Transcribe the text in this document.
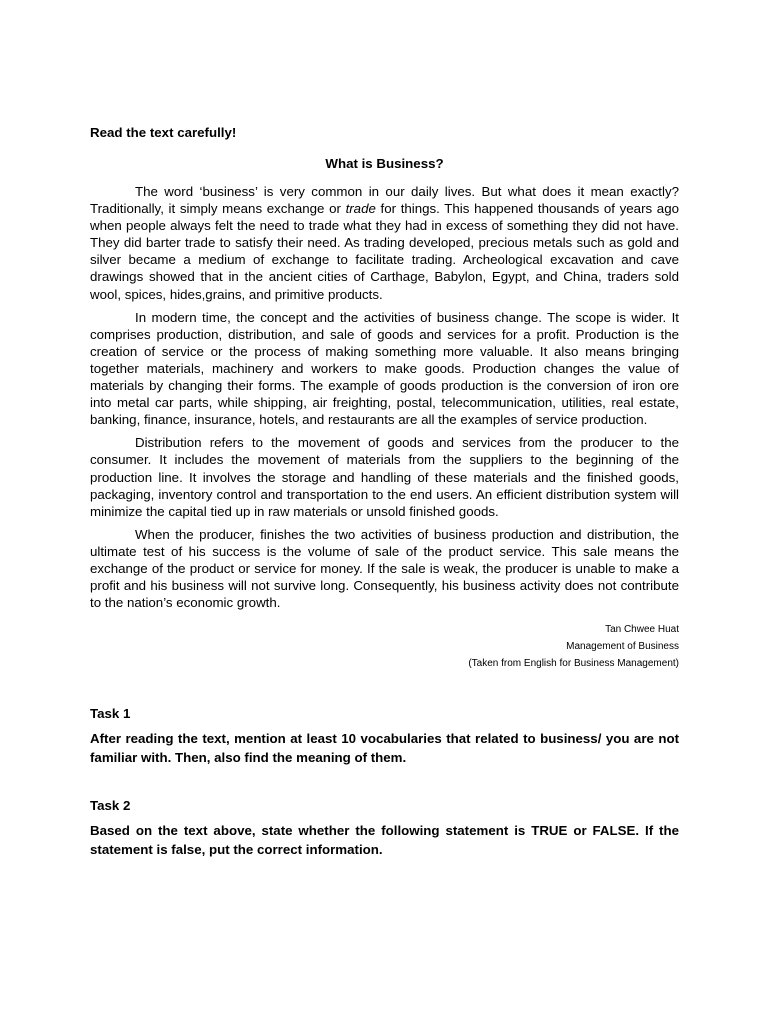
Read the text carefully!

What is Business?

The word ‘business’ is very common in our daily lives. But what does it mean exactly? Traditionally, it simply means exchange or trade for things. This happened thousands of years ago when people always felt the need to trade what they had in excess of something they did not have. They did barter trade to satisfy their need. As trading developed, precious metals such as gold and silver became a medium of exchange to facilitate trading. Archeological excavation and cave drawings showed that in the ancient cities of Carthage, Babylon, Egypt, and China, traders sold wool, spices, hides,grains, and primitive products.

In modern time, the concept and the activities of business change. The scope is wider. It comprises production, distribution, and sale of goods and services for a profit. Production is the creation of service or the process of making something more valuable. It also means bringing together materials, machinery and workers to make goods. Production changes the value of materials by changing their forms. The example of goods production is the conversion of iron ore into metal car parts, while shipping, air freighting, postal, telecommunication, utilities, real estate, banking, finance, insurance, hotels, and restaurants are all the examples of service production.

Distribution refers to the movement of goods and services from the producer to the consumer. It includes the movement of materials from the suppliers to the beginning of the production line. It involves the storage and handling of these materials and the finished goods, packaging, inventory control and transportation to the end users. An efficient distribution system will minimize the capital tied up in raw materials or unsold finished goods.

When the producer, finishes the two activities of business production and distribution, the ultimate test of his success is the volume of sale of the product service. This sale means the exchange of the product or service for money. If the sale is weak, the producer is unable to make a profit and his business will not survive long. Consequently, his business activity does not contribute to the nation’s economic growth.

Tan Chwee Huat
Management of Business
(Taken from English for Business Management)

Task 1

After reading the text, mention at least 10 vocabularies that related to business/ you are not familiar with. Then, also find the meaning of them.

Task 2

Based on the text above, state whether the following statement is TRUE or FALSE. If the statement is false, put the correct information.
